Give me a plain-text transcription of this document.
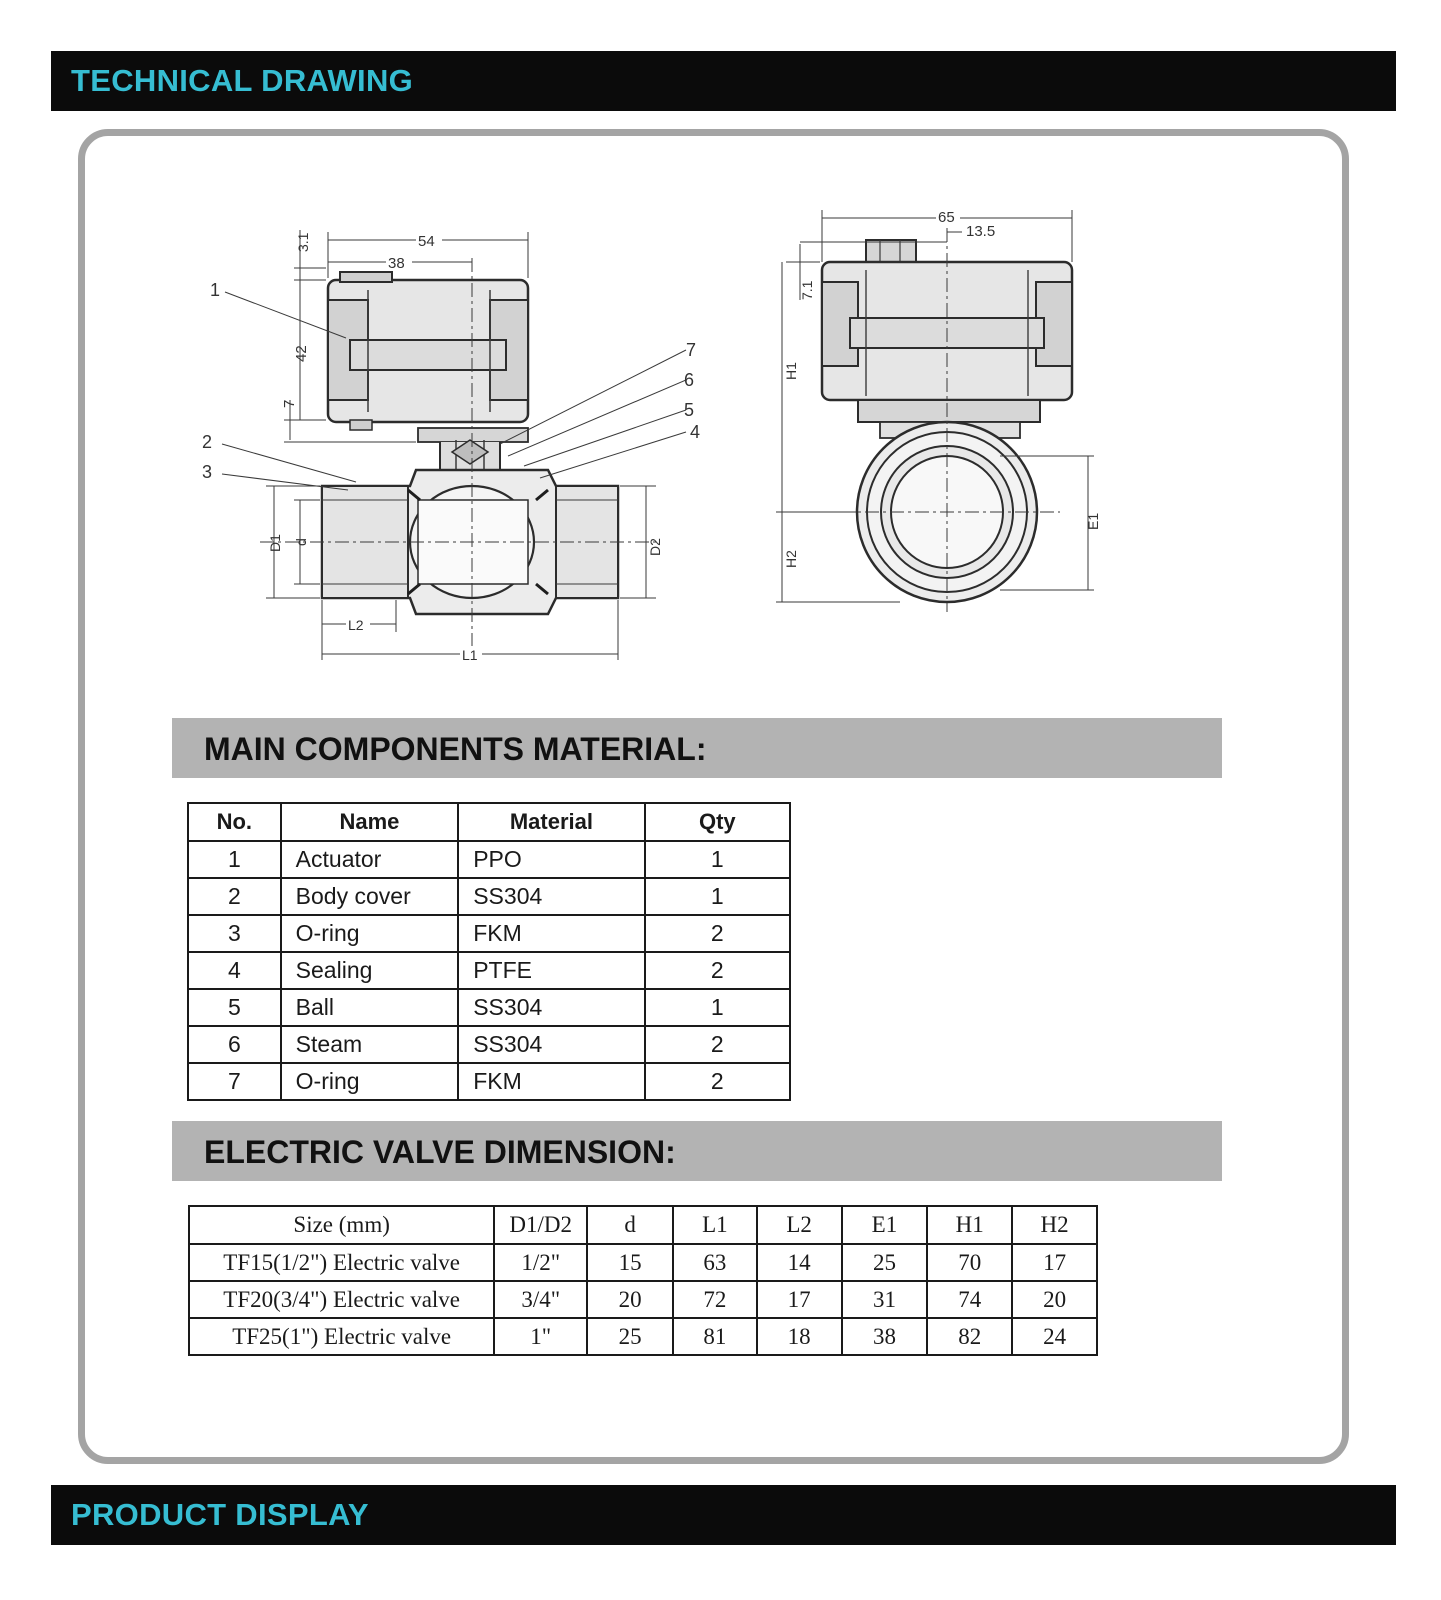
TECHNICAL DRAWING
54
38
3.1
42
7
D1 d	D2
L2
L1
1
2
3
4
5
6
7
65
13.5
7.1
H1
H2
E1
MAIN COMPONENTS MATERIAL:
No.	Name	Material	Qty
1	Actuator	PPO	1
2	Body cover	SS304	1
3	O-ring	FKM	2
4	Sealing	PTFE	2
5	Ball	SS304	1
6	Steam	SS304	2
7	O-ring	FKM	2
ELECTRIC VALVE DIMENSION:
Size (mm)	D1/D2	d	L1	L2	E1	H1	H2
TF15(1/2") Electric valve	1/2"	15	63	14	25	70	17
TF20(3/4") Electric valve	3/4"	20	72	17	31	74	20
TF25(1") Electric valve	1"	25	81	18	38	82	24
PRODUCT DISPLAY
